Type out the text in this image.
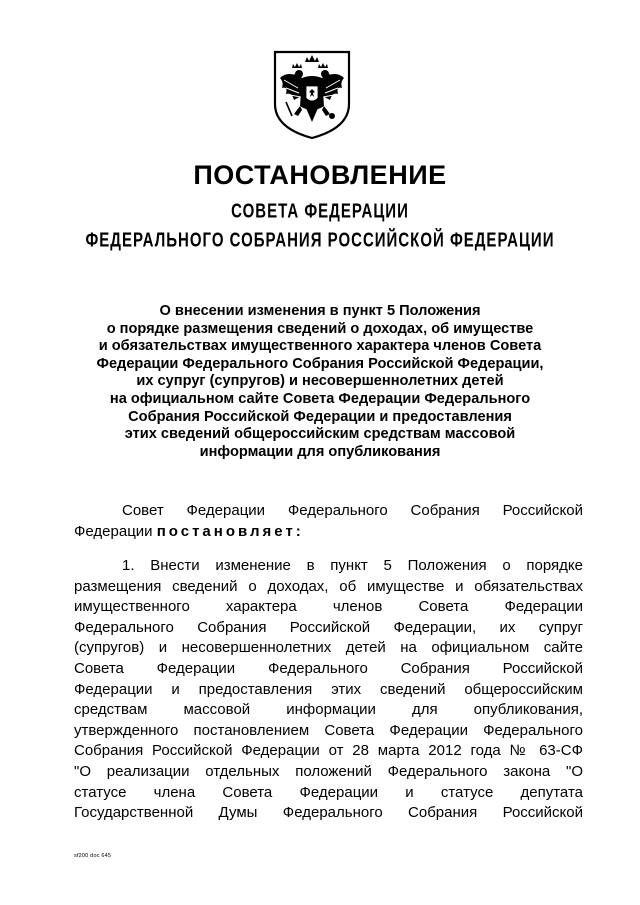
ПОСТАНОВЛЕНИЕ
СОВЕТА ФЕДЕРАЦИИ
ФЕДЕРАЛЬНОГО СОБРАНИЯ РОССИЙСКОЙ ФЕДЕРАЦИИ
О внесении изменения в пункт 5 Положения
о порядке размещения сведений о доходах, об имуществе
и обязательствах имущественного характера членов Совета
Федерации Федерального Собрания Российской Федерации,
их супруг (супругов) и несовершеннолетних детей
на официальном сайте Совета Федерации Федерального
Собрания Российской Федерации и предоставления
этих сведений общероссийским средствам массовой
информации для опубликования
Совет Федерации Федерального Собрания Российской
Федерации постановляет:
1. Внести изменение в пункт 5 Положения о порядке
размещения сведений о доходах, об имуществе и обязательствах
имущественного характера членов Совета Федерации
Федерального Собрания Российской Федерации, их супруг
(супругов) и несовершеннолетних детей на официальном сайте
Совета Федерации Федерального Собрания Российской
Федерации и предоставления этих сведений общероссийским
средствам массовой информации для опубликования,
утвержденного постановлением Совета Федерации Федерального
Собрания Российской Федерации от 28 марта 2012 года № 63-СФ
"О реализации отдельных положений Федерального закона "О
статусе члена Совета Федерации и статусе депутата
Государственной Думы Федерального Собрания Российской
sf200 doc 645
